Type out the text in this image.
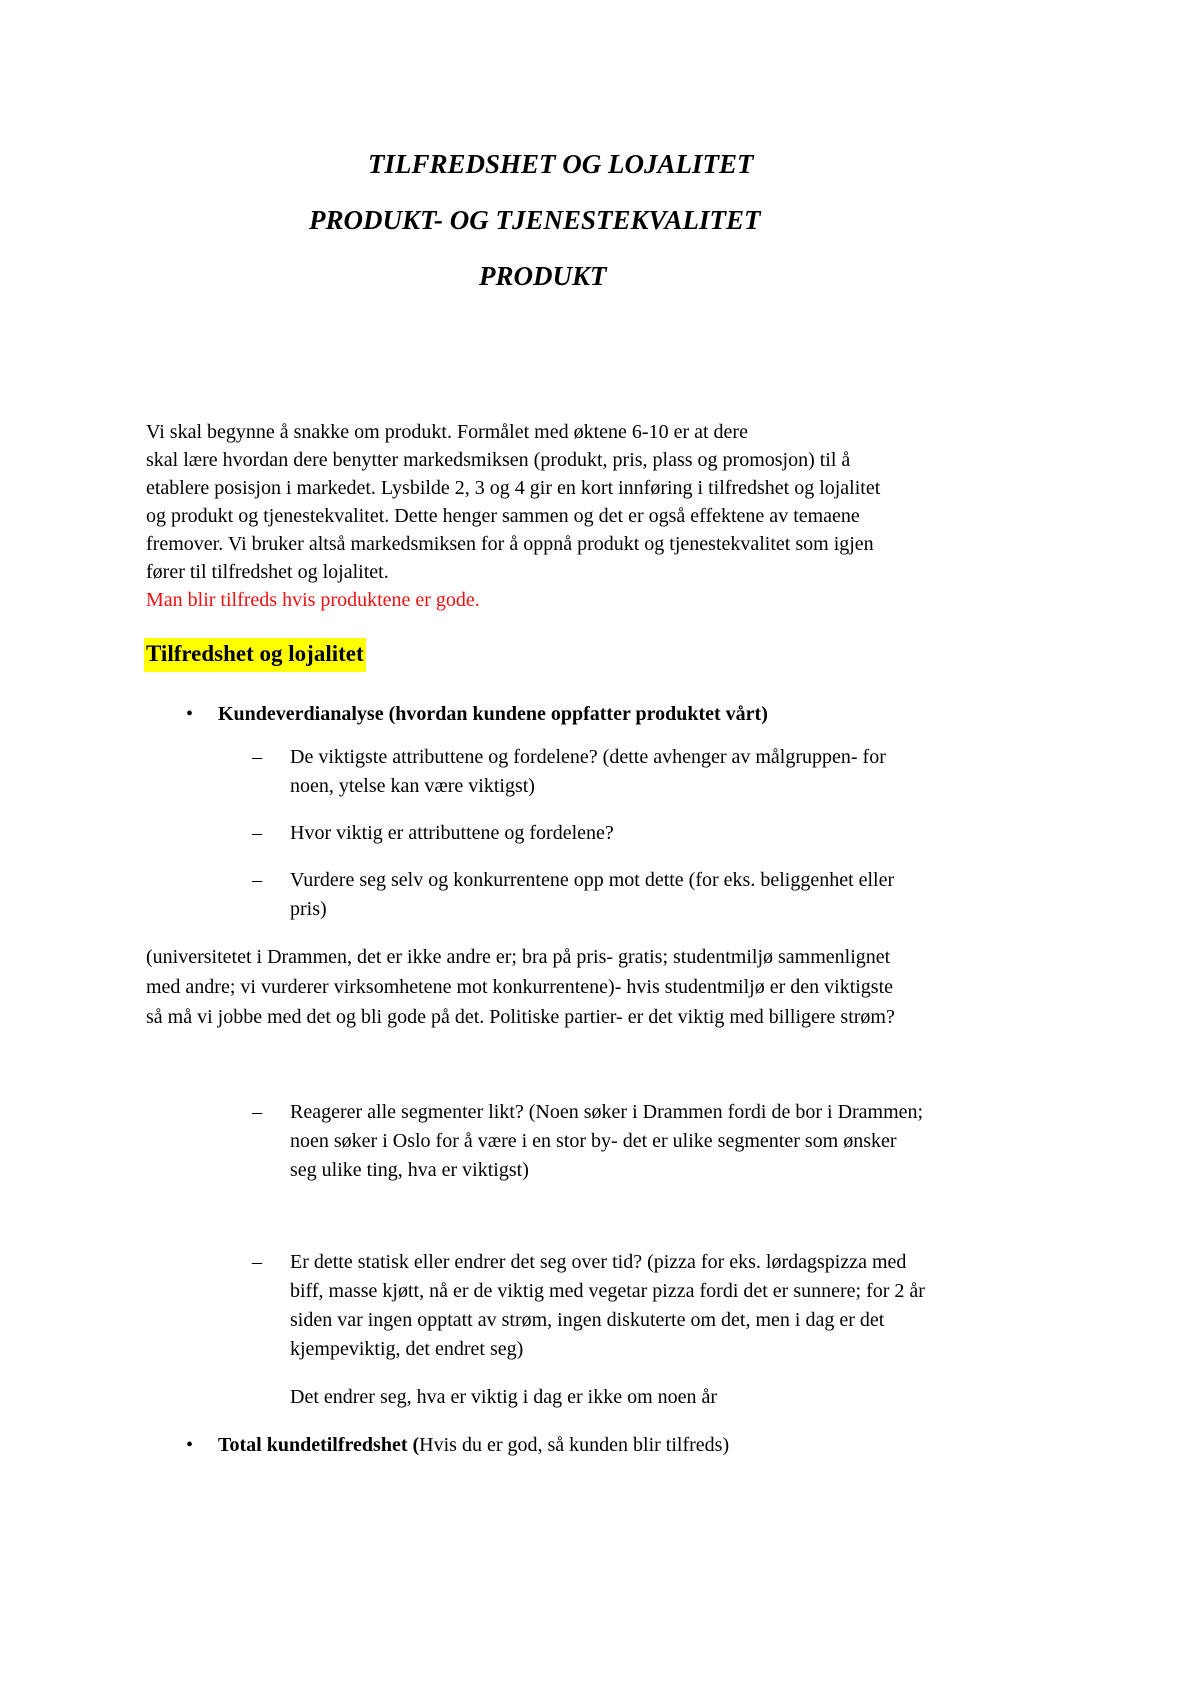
TILFREDSHET OG LOJALITET
PRODUKT- OG TJENESTEKVALITET
PRODUKT
Vi skal begynne å snakke om produkt. Formålet med øktene 6-10 er at dere
skal lære hvordan dere benytter markedsmiksen (produkt, pris, plass og promosjon) til å
etablere posisjon i markedet. Lysbilde 2, 3 og 4 gir en kort innføring i tilfredshet og lojalitet
og produkt og tjenestekvalitet. Dette henger sammen og det er også effektene av temaene
fremover. Vi bruker altså markedsmiksen for å oppnå produkt og tjenestekvalitet som igjen
fører til tilfredshet og lojalitet.
Man blir tilfreds hvis produktene er gode.
Tilfredshet og lojalitet
• Kundeverdianalyse (hvordan kundene oppfatter produktet vårt)
– De viktigste attributtene og fordelene? (dette avhenger av målgruppen- for
noen, ytelse kan være viktigst)
– Hvor viktig er attributtene og fordelene?
– Vurdere seg selv og konkurrentene opp mot dette (for eks. beliggenhet eller
pris)
(universitetet i Drammen, det er ikke andre er; bra på pris- gratis; studentmiljø sammenlignet
med andre; vi vurderer virksomhetene mot konkurrentene)- hvis studentmiljø er den viktigste
så må vi jobbe med det og bli gode på det. Politiske partier- er det viktig med billigere strøm?
– Reagerer alle segmenter likt? (Noen søker i Drammen fordi de bor i Drammen;
noen søker i Oslo for å være i en stor by- det er ulike segmenter som ønsker
seg ulike ting, hva er viktigst)
– Er dette statisk eller endrer det seg over tid? (pizza for eks. lørdagspizza med
biff, masse kjøtt, nå er de viktig med vegetar pizza fordi det er sunnere; for 2 år
siden var ingen opptatt av strøm, ingen diskuterte om det, men i dag er det
kjempeviktig, det endret seg)
Det endrer seg, hva er viktig i dag er ikke om noen år
• Total kundetilfredshet (Hvis du er god, så kunden blir tilfreds)
